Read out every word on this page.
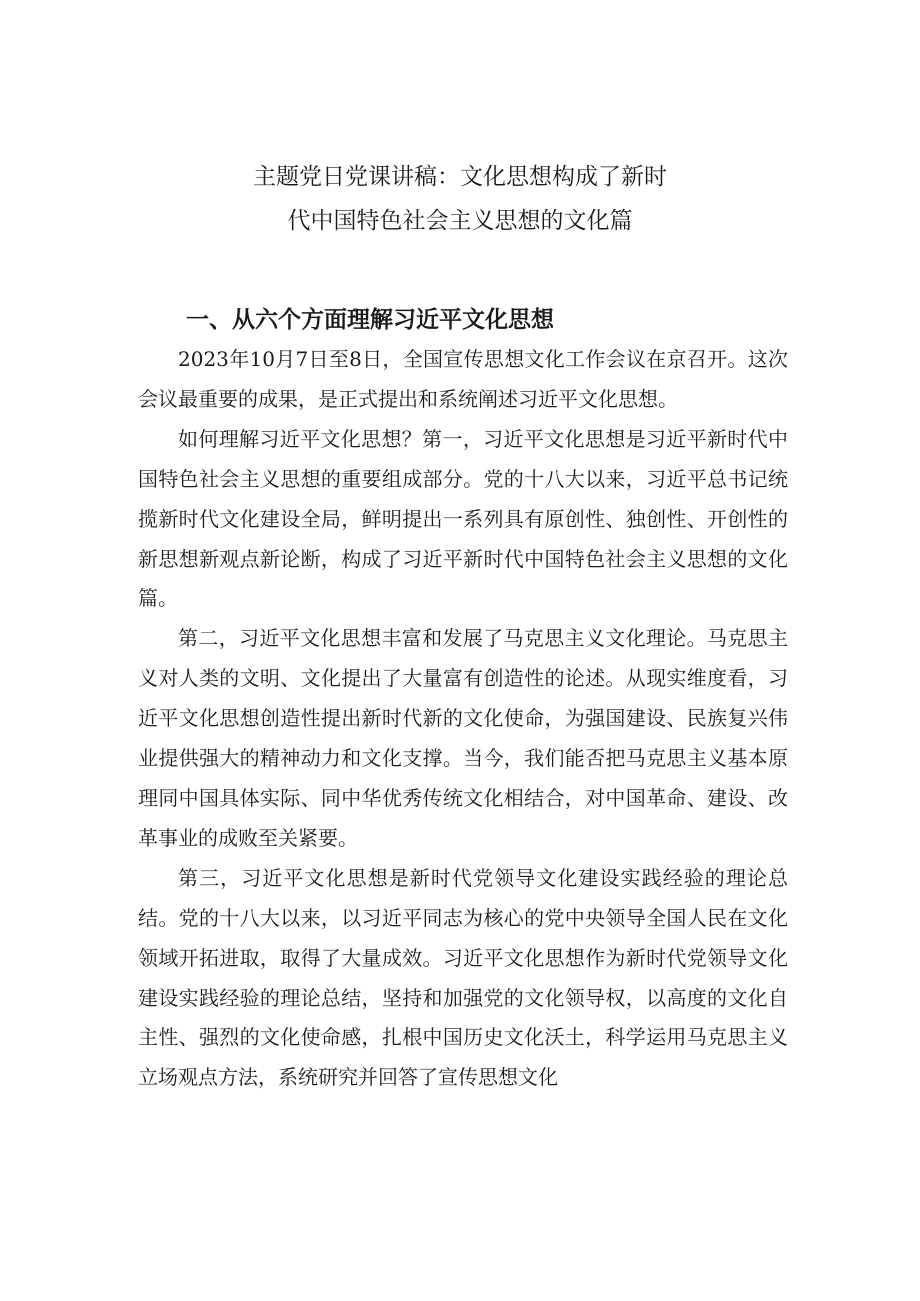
主题党日党课讲稿：文化思想构成了新时
代中国特色社会主义思想的文化篇
一、从六个方面理解习近平文化思想

2023年10月7日至8日，全国宣传思想文化工作会议在京召开。这次会议最重要的成果，是正式提出和系统阐述习近平文化思想。

如何理解习近平文化思想？第一，习近平文化思想是习近平新时代中国特色社会主义思想的重要组成部分。党的十八大以来，习近平总书记统揽新时代文化建设全局，鲜明提出一系列具有原创性、独创性、开创性的新思想新观点新论断，构成了习近平新时代中国特色社会主义思想的文化篇。

第二，习近平文化思想丰富和发展了马克思主义文化理论。马克思主义对人类的文明、文化提出了大量富有创造性的论述。从现实维度看，习近平文化思想创造性提出新时代新的文化使命，为强国建设、民族复兴伟业提供强大的精神动力和文化支撑。当今，我们能否把马克思主义基本原理同中国具体实际、同中华优秀传统文化相结合，对中国革命、建设、改革事业的成败至关紧要。

第三，习近平文化思想是新时代党领导文化建设实践经验的理论总结。党的十八大以来，以习近平同志为核心的党中央领导全国人民在文化领域开拓进取，取得了大量成效。习近平文化思想作为新时代党领导文化建设实践经验的理论总结，坚持和加强党的文化领导权，以高度的文化自主性、强烈的文化使命感，扎根中国历史文化沃土，科学运用马克思主义立场观点方法，系统研究并回答了宣传思想文化
